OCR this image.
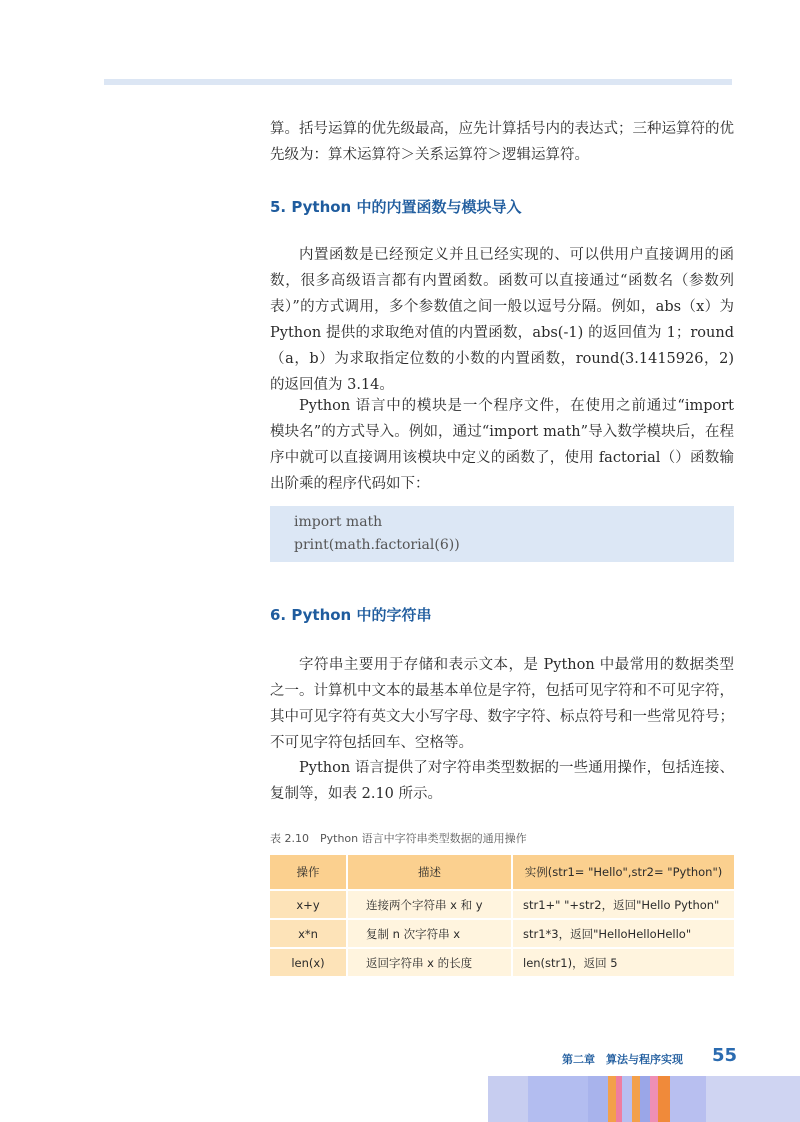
算。括号运算的优先级最高，应先计算括号内的表达式；三种运算符的优先级为：算术运算符＞关系运算符＞逻辑运算符。

5. Python 中的内置函数与模块导入

内置函数是已经预定义并且已经实现的、可以供用户直接调用的函数，很多高级语言都有内置函数。函数可以直接通过“函数名（参数列表）”的方式调用，多个参数值之间一般以逗号分隔。例如，abs（x）为 Python 提供的求取绝对值的内置函数，abs(-1) 的返回值为 1；round（a，b）为求取指定位数的小数的内置函数，round(3.1415926，2) 的返回值为 3.14。

Python 语言中的模块是一个程序文件，在使用之前通过“import 模块名”的方式导入。例如，通过“import math”导入数学模块后，在程序中就可以直接调用该模块中定义的函数了，使用 factorial（）函数输出阶乘的程序代码如下：

import math
print(math.factorial(6))
6. Python 中的字符串

字符串主要用于存储和表示文本，是 Python 中最常用的数据类型之一。计算机中文本的最基本单位是字符，包括可见字符和不可见字符，其中可见字符有英文大小写字母、数字字符、标点符号和一些常见符号；不可见字符包括回车、空格等。

Python 语言提供了对字符串类型数据的一些通用操作，包括连接、复制等，如表 2.10 所示。

表 2.10　Python 语言中字符串类型数据的通用操作

操作	描述	实例(str1= "Hello",str2= "Python")
x+y	连接两个字符串 x 和 y	str1+" "+str2，返回"Hello Python"
x*n	复制 n 次字符串 x	str1*3，返回"HelloHelloHello"
len(x)	返回字符串 x 的长度	len(str1)，返回 5
第二章　算法与程序实现 55
